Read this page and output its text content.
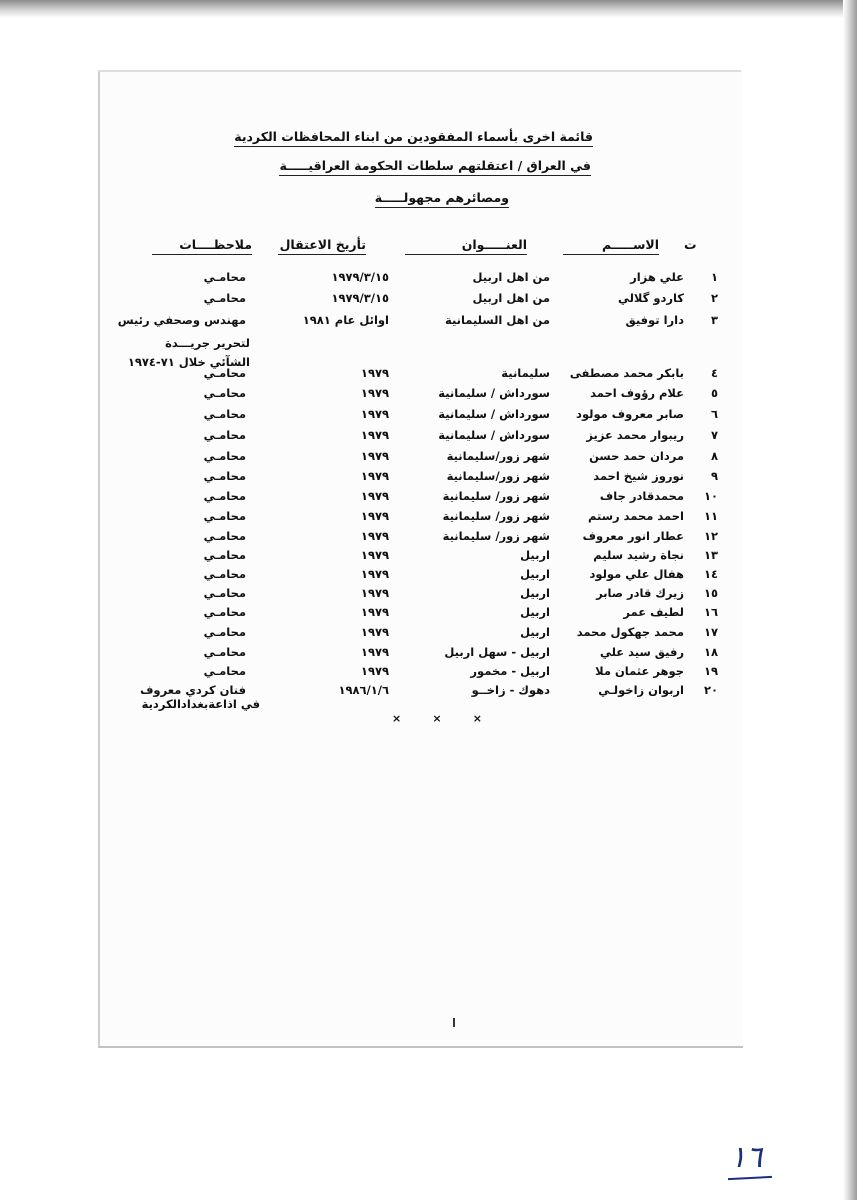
قائمة اخرى بأسماء المفقودين من ابناء المحافظات الكردية
في العراق / اعتقلتهم سلطات الحكومة العراقيـــــة
ومصائرهم مجهولـــــة
ت
الاســـــم
العنـــــوان
تأريخ الاعتقال
ملاحظــــات
١
علي هزار
من اهل اربيل
١٩٧٩/٣/١٥
محامـي
٢
كاردو گلالي
من اهل اربيل
١٩٧٩/٣/١٥
محامـي
٣
دارا توفيق
من اهل السليمانية
اوائل عام ١٩٨١
مهندس وصحفي رئيس
٤
بابكر محمد مصطفى
سليمانية
١٩٧٩
محامـي
٥
علام رؤوف احمد
سورداش / سليمانية
١٩٧٩
محامـي
٦
صابر معروف مولود
سورداش / سليمانية
١٩٧٩
محامـي
٧
ريبوار محمد عزيز
سورداش / سليمانية
١٩٧٩
محامـي
٨
مردان حمد حسن
شهر زور/سليمانية
١٩٧٩
محامـي
٩
نوروز شيخ احمد
شهر زور/سليمانية
١٩٧٩
محامـي
١٠
محمدقادر جاف
شهر زور/ سليمانية
١٩٧٩
محامـي
١١
احمد محمد رستم
شهر زور/ سليمانية
١٩٧٩
محامـي
١٢
عطار انور معروف
شهر زور/ سليمانية
١٩٧٩
محامـي
١٣
نجاة رشيد سليم
اربيل
١٩٧٩
محامـي
١٤
هفال علي مولود
اربيل
١٩٧٩
محامـي
١٥
زيرك قادر صابر
اربيل
١٩٧٩
محامـي
١٦
لطيف عمر
اربيل
١٩٧٩
محامـي
١٧
محمد جهكول محمد
اربيل
١٩٧٩
محامـي
١٨
رفيق سيد علي
اربيل - سهل اربيل
١٩٧٩
محامـي
١٩
جوهر عثمان ملا
اربيل - مخمور
١٩٧٩
محامـي
٢٠
اربوان زاخولـي
دهوك - زاخــو
١٩٨٦/١/٦
فنان كردي معروف
لتحرير جريـــدة
الشآئي خلال ٧١-١٩٧٤
في اذاعةبغدادالكردية
×
×
×
١٦
